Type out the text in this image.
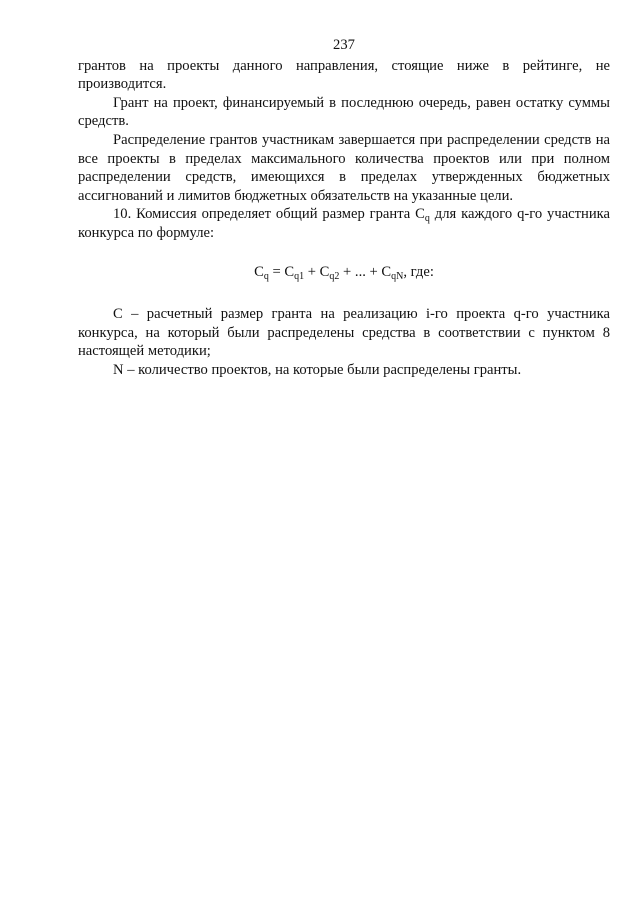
237

грантов на проекты данного направления, стоящие ниже в рейтинге, не производится.

Грант на проект, финансируемый в последнюю очередь, равен остатку суммы средств.

Распределение грантов участникам завершается при распределении средств на все проекты в пределах максимального количества проектов или при полном распределении средств, имеющихся в пределах утвержденных бюджетных ассигнований и лимитов бюджетных обязательств на указанные цели.

10. Комиссия определяет общий размер гранта $C_q$ для каждого q-го участника конкурса по формуле:

$C_q = C_{q1} + C_{q2}$ + ... + $C_{qN}$, где:

C – расчетный размер гранта на реализацию i-го проекта q-го участника конкурса, на который были распределены средства в соответствии с пунктом 8 настоящей методики;

N – количество проектов, на которые были распределены гранты.
